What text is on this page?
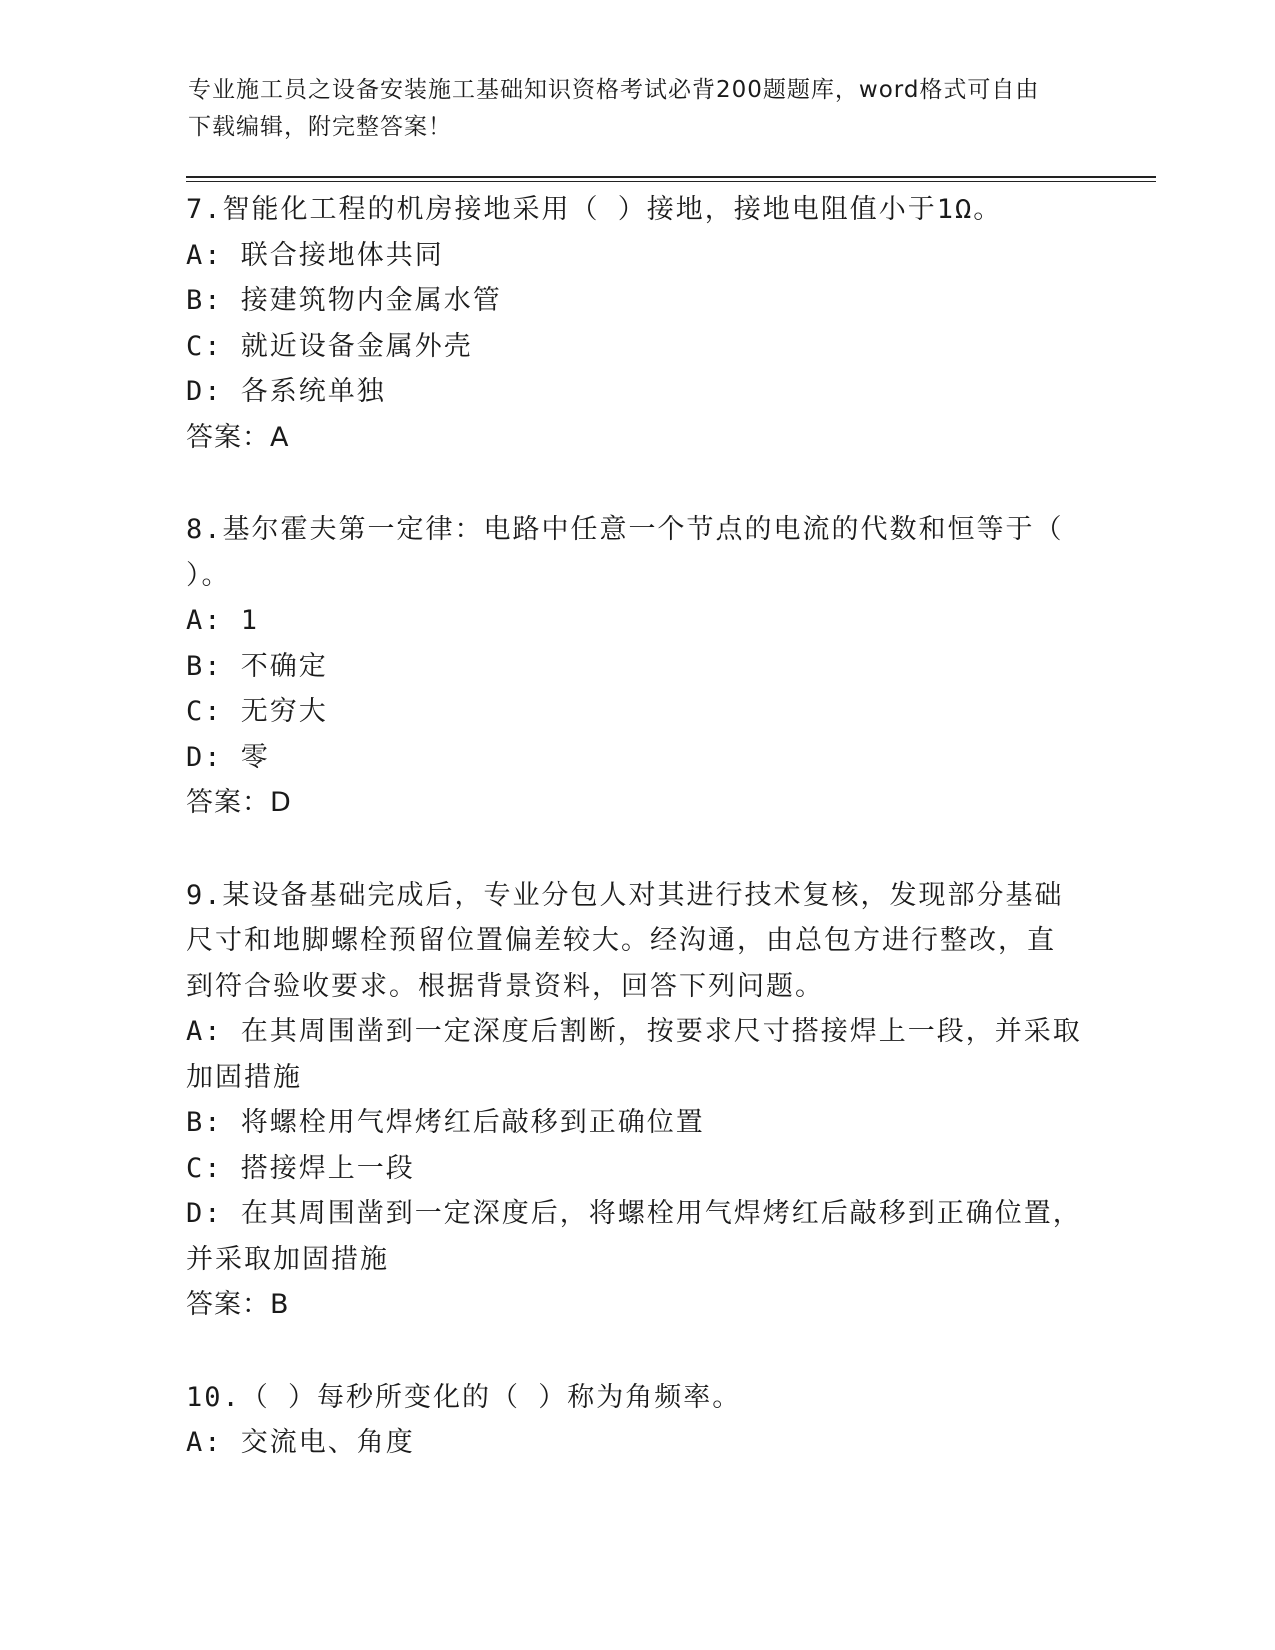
专业施工员之设备安装施工基础知识资格考试必背200题题库，word格式可自由
下载编辑，附完整答案！

7.智能化工程的机房接地采用（ ）接地，接地电阻值小于1Ω。

A: 联合接地体共同

B: 接建筑物内金属水管

C: 就近设备金属外壳

D: 各系统单独

答案：A

8.基尔霍夫第一定律：电路中任意一个节点的电流的代数和恒等于（

）。

A: 1

B: 不确定

C: 无穷大

D: 零

答案：D

9.某设备基础完成后，专业分包人对其进行技术复核，发现部分基础

尺寸和地脚螺栓预留位置偏差较大。经沟通，由总包方进行整改，直

到符合验收要求。根据背景资料，回答下列问题。

A: 在其周围凿到一定深度后割断，按要求尺寸搭接焊上一段，并采取

加固措施

B: 将螺栓用气焊烤红后敲移到正确位置

C: 搭接焊上一段

D: 在其周围凿到一定深度后，将螺栓用气焊烤红后敲移到正确位置，

并采取加固措施

答案：B

10.（ ）每秒所变化的（ ）称为角频率。

A: 交流电、角度
